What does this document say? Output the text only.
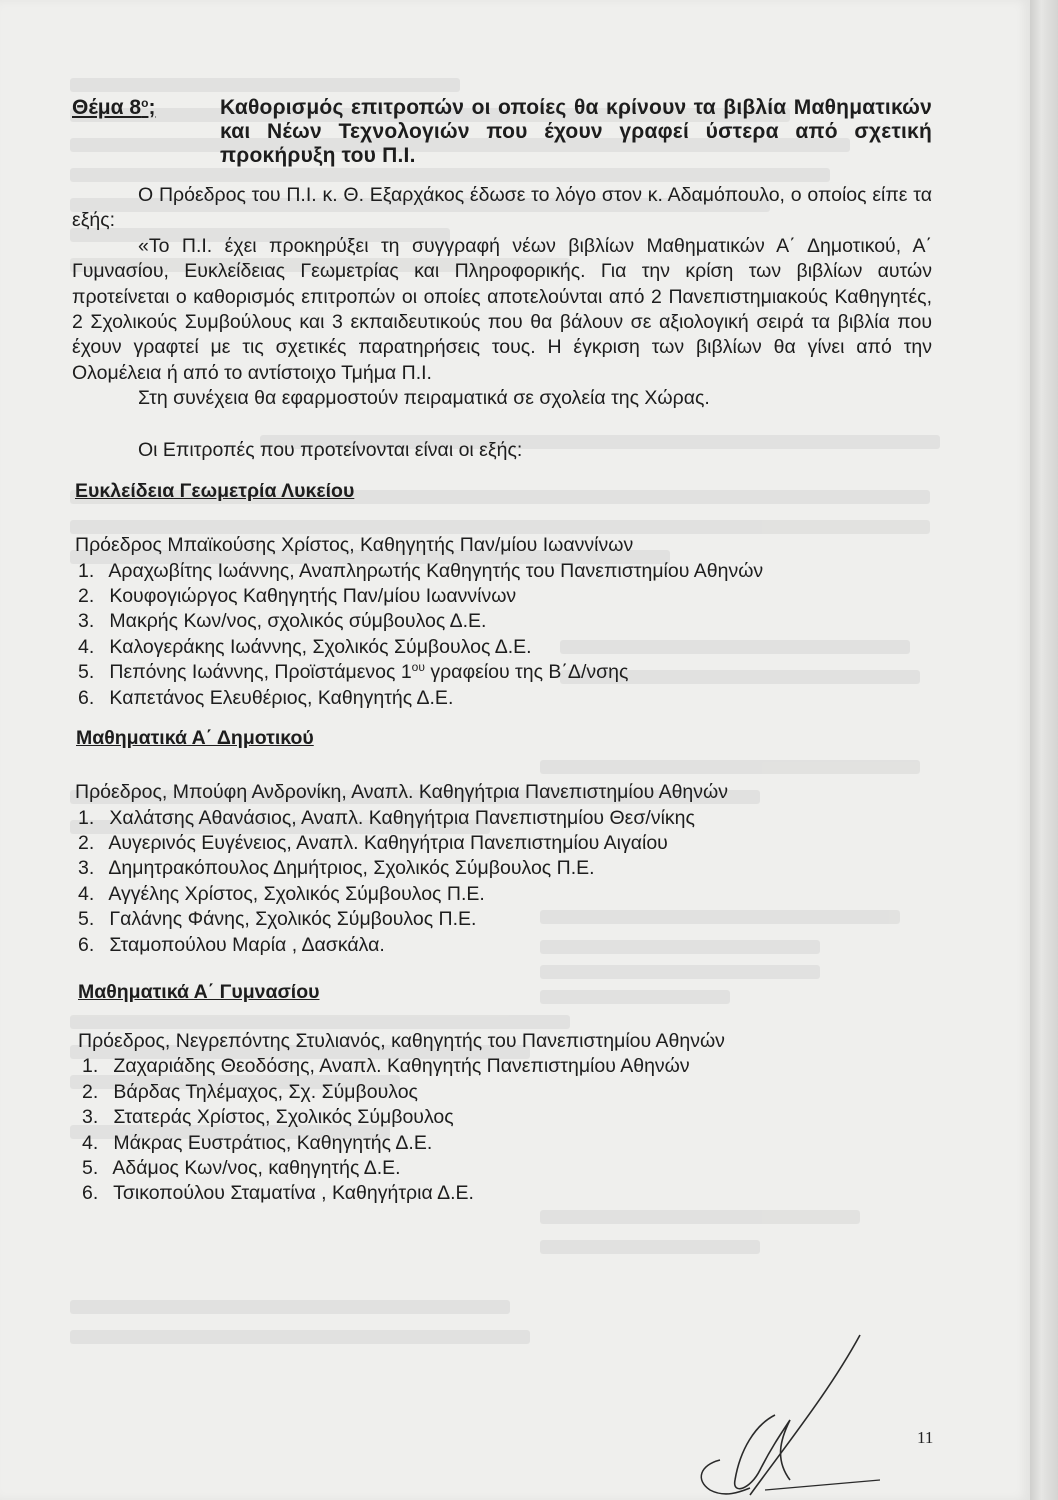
Θέμα $8^o$;	Καθορισμός επιτροπών οι οποίες θα κρίνουν τα βιβλία Μαθηματικών και Νέων Τεχνολογιών που έχουν γραφεί ύστερα από σχετική προκήρυξη του Π.Ι.

Ο Πρόεδρος του Π.Ι. κ. Θ. Εξαρχάκος έδωσε το λόγο στον κ. Αδαμόπουλο, ο οποίος είπε τα εξής:

«Το Π.Ι. έχει προκηρύξει τη συγγραφή νέων βιβλίων Μαθηματικών Α΄ Δημοτικού, Α΄ Γυμνασίου, Ευκλείδειας Γεωμετρίας και Πληροφορικής. Για την κρίση των βιβλίων αυτών προτείνεται ο καθορισμός επιτροπών οι οποίες αποτελούνται από 2 Πανεπιστημιακούς Καθηγητές, 2 Σχολικούς Συμβούλους και 3 εκπαιδευτικούς που θα βάλουν σε αξιολογική σειρά τα βιβλία που έχουν γραφτεί με τις σχετικές παρατηρήσεις τους. Η έγκριση των βιβλίων θα γίνει από την Ολομέλεια ή από το αντίστοιχο Τμήμα Π.Ι.

Στη συνέχεια θα εφαρμοστούν πειραματικά σε σχολεία της Χώρας.

Οι Επιτροπές που προτείνονται είναι οι εξής:

Ευκλείδεια Γεωμετρία Λυκείου
Πρόεδρος Μπαϊκούσης Χρίστος, Καθηγητής Παν/μίου Ιωαννίνων
1. Αραχωβίτης Ιωάννης, Αναπληρωτής Καθηγητής του Πανεπιστημίου Αθηνών
2. Κουφογιώργος Καθηγητής Παν/μίου Ιωαννίνων
3. Μακρής Κων/νος, σχολικός σύμβουλος Δ.Ε.
4. Καλογεράκης Ιωάννης, Σχολικός Σύμβουλος Δ.Ε.
5. Πεπόνης Ιωάννης, Προϊστάμενος $1^{o\upsilon}$ γραφείου της Β΄Δ/νσης
6. Καπετάνος Ελευθέριος, Καθηγητής Δ.Ε.
Μαθηματικά Α΄ Δημοτικού
Πρόεδρος, Μπούφη Ανδρονίκη, Αναπλ. Καθηγήτρια Πανεπιστημίου Αθηνών
1. Χαλάτσης Αθανάσιος, Αναπλ. Καθηγήτρια Πανεπιστημίου Θεσ/νίκης
2. Αυγερινός Ευγένειος, Αναπλ. Καθηγήτρια Πανεπιστημίου Αιγαίου
3. Δημητρακόπουλος Δημήτριος, Σχολικός Σύμβουλος Π.Ε.
4. Αγγέλης Χρίστος, Σχολικός Σύμβουλος Π.Ε.
5. Γαλάνης Φάνης, Σχολικός Σύμβουλος Π.Ε.
6. Σταμοπούλου Μαρία , Δασκάλα.
Μαθηματικά Α΄ Γυμνασίου
Πρόεδρος, Νεγρεπόντης Στυλιανός, καθηγητής του Πανεπιστημίου Αθηνών
1. Ζαχαριάδης Θεοδόσης, Αναπλ. Καθηγητής Πανεπιστημίου Αθηνών
2. Βάρδας Τηλέμαχος, Σχ. Σύμβουλος
3. Στατεράς Χρίστος, Σχολικός Σύμβουλος
4. Μάκρας Ευστράτιος, Καθηγητής Δ.Ε.
5. Αδάμος Κων/νος, καθηγητής Δ.Ε.
6. Τσικοπούλου Σταματίνα , Καθηγήτρια Δ.Ε.
11
